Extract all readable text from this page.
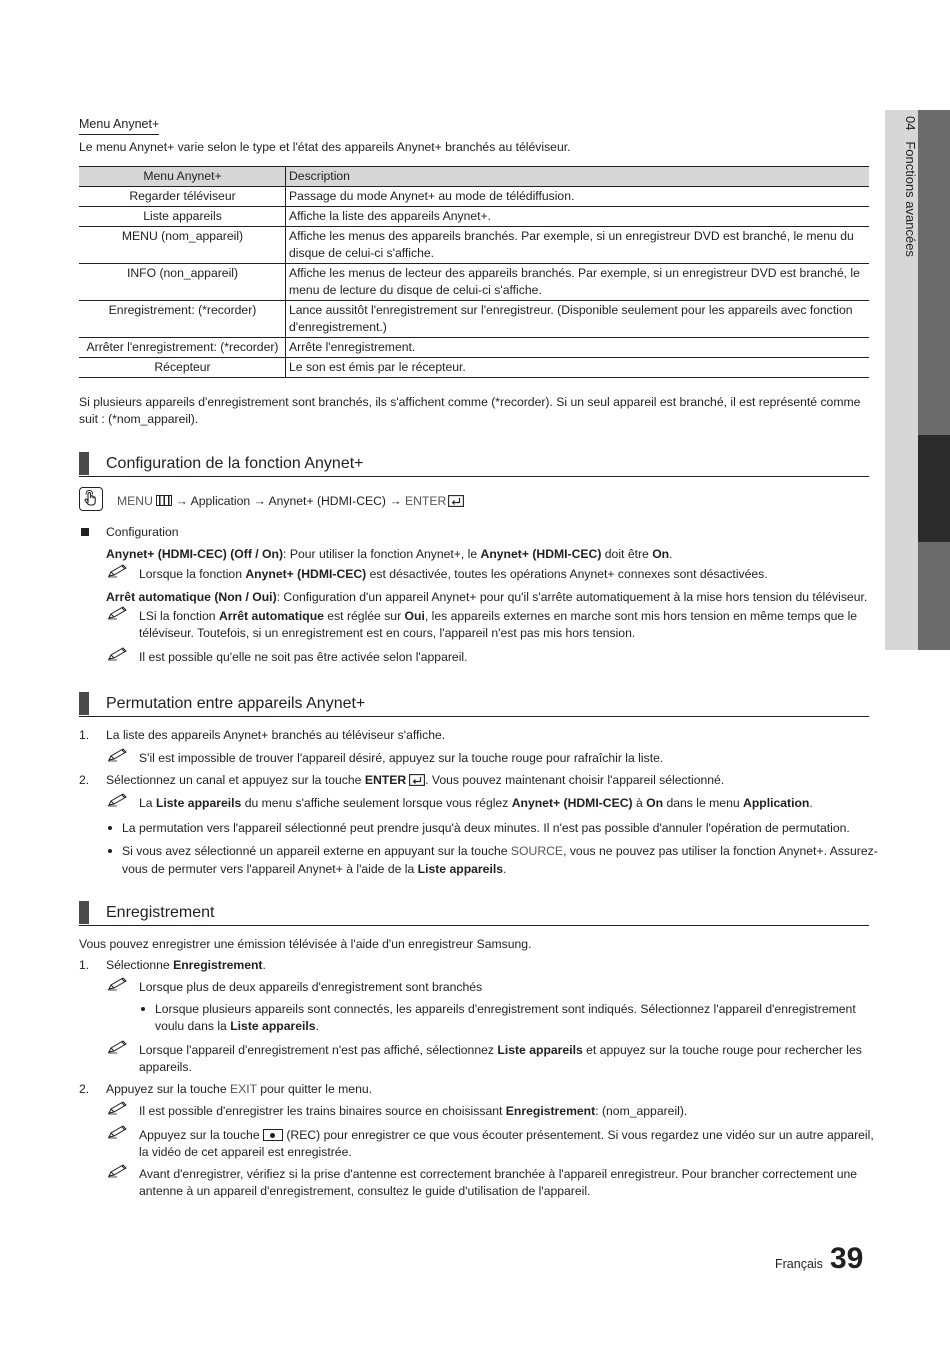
04   Fonctions avancées
Menu Anynet+
Le menu Anynet+ varie selon le type et l'état des appareils Anynet+ branchés au téléviseur.
Menu Anynet+	Description
Regarder téléviseur	Passage du mode Anynet+ au mode de télédiffusion.
Liste appareils	Affiche la liste des appareils Anynet+.
MENU (nom_appareil)	Affiche les menus des appareils branchés. Par exemple, si un enregistreur DVD est branché, le menu du disque de celui-ci s'affiche.
INFO (non_appareil)	Affiche les menus de lecteur des appareils branchés. Par exemple, si un enregistreur DVD est branché, le menu de lecture du disque de celui-ci s'affiche.
Enregistrement: (*recorder)	Lance aussitôt l'enregistrement sur l'enregistreur. (Disponible seulement pour les appareils avec fonction d'enregistrement.)
Arrêter l'enregistrement: (*recorder)	Arrête l'enregistrement.
Récepteur	Le son est émis par le récepteur.
Si plusieurs appareils d'enregistrement sont branchés, ils s'affichent comme (*recorder). Si un seul appareil est branché, il est représenté comme suit : (*nom_appareil).
Configuration de la fonction Anynet+
MENU → Application → Anynet+ (HDMI-CEC) → ENTER
Configuration
Anynet+ (HDMI-CEC) (Off / On): Pour utiliser la fonction Anynet+, le Anynet+ (HDMI-CEC) doit être On.
Lorsque la fonction Anynet+ (HDMI-CEC) est désactivée, toutes les opérations Anynet+ connexes sont désactivées.
Arrêt automatique (Non / Oui): Configuration d'un appareil Anynet+ pour qu'il s'arrête automatiquement à la mise hors tension du téléviseur.
LSi la fonction Arrêt automatique est réglée sur Oui, les appareils externes en marche sont mis hors tension en même temps que le
téléviseur. Toutefois, si un enregistrement est en cours, l'appareil n'est pas mis hors tension.
Il est possible qu'elle ne soit pas être activée selon l'appareil.
Permutation entre appareils Anynet+
1. La liste des appareils Anynet+ branchés au téléviseur s'affiche.
S'il est impossible de trouver l'appareil désiré, appuyez sur la touche rouge pour rafraîchir la liste.
2. Sélectionnez un canal et appuyez sur la touche ENTER . Vous pouvez maintenant choisir l'appareil sélectionné.
La Liste appareils du menu s'affiche seulement lorsque vous réglez Anynet+ (HDMI-CEC) à On dans le menu Application.
La permutation vers l'appareil sélectionné peut prendre jusqu'à deux minutes. Il n'est pas possible d'annuler l'opération de permutation.
Si vous avez sélectionné un appareil externe en appuyant sur la touche SOURCE, vous ne pouvez pas utiliser la fonction Anynet+. Assurez-
vous de permuter vers l'appareil Anynet+ à l'aide de la Liste appareils.
Enregistrement
Vous pouvez enregistrer une émission télévisée à l'aide d'un enregistreur Samsung.
1. Sélectionne Enregistrement.
Lorsque plus de deux appareils d'enregistrement sont branchés
Lorsque plusieurs appareils sont connectés, les appareils d'enregistrement sont indiqués. Sélectionnez l'appareil d'enregistrement
voulu dans la Liste appareils.
Lorsque l'appareil d'enregistrement n'est pas affiché, sélectionnez Liste appareils et appuyez sur la touche rouge pour rechercher les
appareils.
2. Appuyez sur la touche EXIT pour quitter le menu.
Il est possible d'enregistrer les trains binaires source en choisissant Enregistrement: (nom_appareil).
Appuyez sur la touche
(REC) pour enregistrer ce que vous écouter présentement. Si vous regardez une vidéo sur un autre appareil,
la vidéo de cet appareil est enregistrée.
Avant d'enregistrer, vérifiez si la prise d'antenne est correctement branchée à l'appareil enregistreur. Pour brancher correctement une
antenne à un appareil d'enregistrement, consultez le guide d'utilisation de l'appareil.
Français 39
